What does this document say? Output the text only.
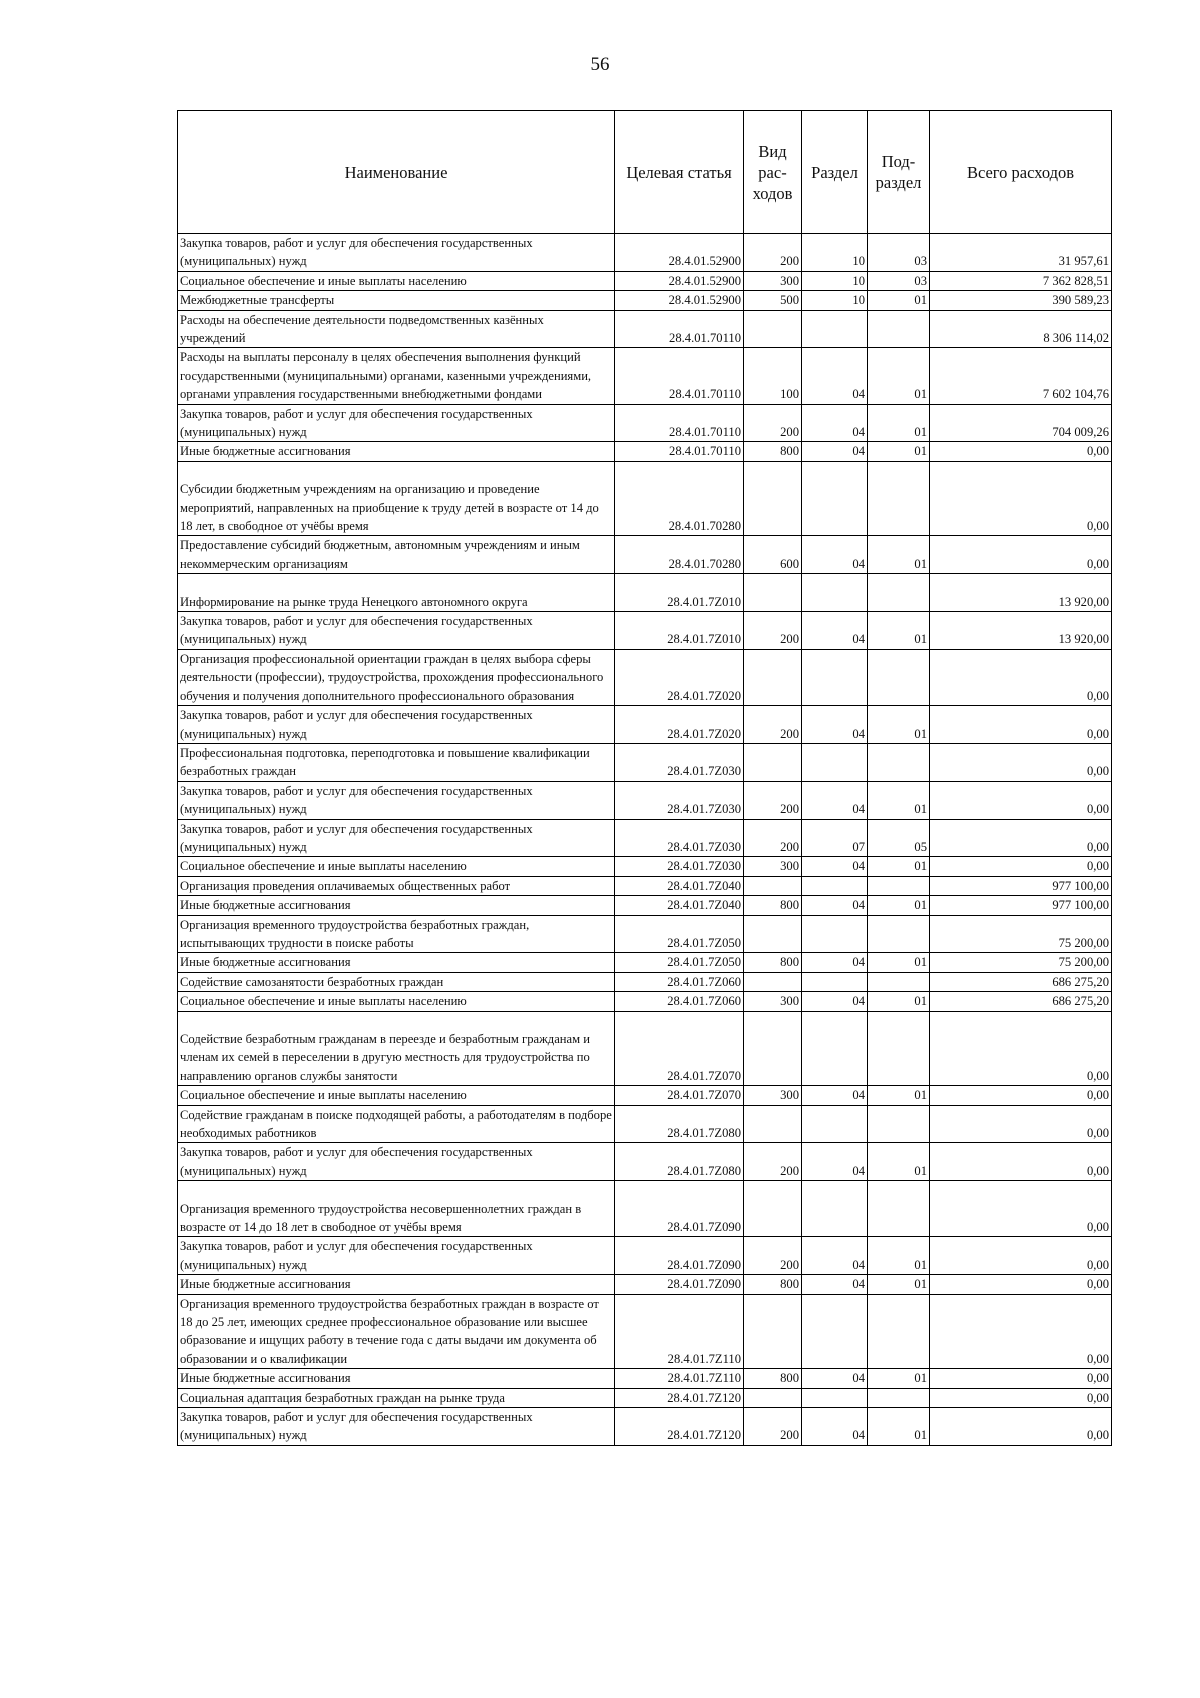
56
Наименование	Целевая статья	Вид рас- ходов	Раздел	Под- раздел	Всего расходов
Закупка товаров, работ и услуг для обеспечения государственных (муниципальных) нужд	28.4.01.52900	200	10	03	31 957,61
Социальное обеспечение и иные выплаты населению	28.4.01.52900	300	10	03	7 362 828,51
Межбюджетные трансферты	28.4.01.52900	500	10	01	390 589,23
Расходы на обеспечение деятельности подведомственных казённых учреждений	28.4.01.70110				8 306 114,02
Расходы на выплаты персоналу в целях обеспечения выполнения функций государственными (муниципальными) органами, казенными учреждениями, органами управления государственными внебюджетными фондами	28.4.01.70110	100	04	01	7 602 104,76
Закупка товаров, работ и услуг для обеспечения государственных (муниципальных) нужд	28.4.01.70110	200	04	01	704 009,26
Иные бюджетные ассигнования	28.4.01.70110	800	04	01	0,00
Субсидии бюджетным учреждениям на организацию и проведение мероприятий, направленных на приобщение к труду детей в возрасте от 14 до 18 лет, в свободное от учёбы время	28.4.01.70280				0,00
Предоставление субсидий бюджетным, автономным учреждениям и иным некоммерческим организациям	28.4.01.70280	600	04	01	0,00
Информирование на рынке труда Ненецкого автономного округа	28.4.01.7Z010				13 920,00
Закупка товаров, работ и услуг для обеспечения государственных (муниципальных) нужд	28.4.01.7Z010	200	04	01	13 920,00
Организация профессиональной ориентации граждан в целях выбора сферы деятельности (профессии), трудоустройства, прохождения профессионального обучения и получения дополнительного профессионального образования	28.4.01.7Z020				0,00
Закупка товаров, работ и услуг для обеспечения государственных (муниципальных) нужд	28.4.01.7Z020	200	04	01	0,00
Профессиональная подготовка, переподготовка и повышение квалификации безработных граждан	28.4.01.7Z030				0,00
Закупка товаров, работ и услуг для обеспечения государственных (муниципальных) нужд	28.4.01.7Z030	200	04	01	0,00
Закупка товаров, работ и услуг для обеспечения государственных (муниципальных) нужд	28.4.01.7Z030	200	07	05	0,00
Социальное обеспечение и иные выплаты населению	28.4.01.7Z030	300	04	01	0,00
Организация проведения оплачиваемых общественных работ	28.4.01.7Z040				977 100,00
Иные бюджетные ассигнования	28.4.01.7Z040	800	04	01	977 100,00
Организация временного трудоустройства безработных граждан, испытывающих трудности в поиске работы	28.4.01.7Z050				75 200,00
Иные бюджетные ассигнования	28.4.01.7Z050	800	04	01	75 200,00
Содействие самозанятости безработных граждан	28.4.01.7Z060				686 275,20
Социальное обеспечение и иные выплаты населению	28.4.01.7Z060	300	04	01	686 275,20
Содействие безработным гражданам в переезде и безработным гражданам и членам их семей в переселении в другую местность для трудоустройства по направлению органов службы занятости	28.4.01.7Z070				0,00
Социальное обеспечение и иные выплаты населению	28.4.01.7Z070	300	04	01	0,00
Содействие гражданам в поиске подходящей работы, а работодателям в подборе необходимых работников	28.4.01.7Z080				0,00
Закупка товаров, работ и услуг для обеспечения государственных (муниципальных) нужд	28.4.01.7Z080	200	04	01	0,00
Организация временного трудоустройства несовершеннолетних граждан в возрасте от 14 до 18 лет в свободное от учёбы время	28.4.01.7Z090				0,00
Закупка товаров, работ и услуг для обеспечения государственных (муниципальных) нужд	28.4.01.7Z090	200	04	01	0,00
Иные бюджетные ассигнования	28.4.01.7Z090	800	04	01	0,00
Организация временного трудоустройства безработных граждан в возрасте от 18 до 25 лет, имеющих среднее профессиональное образование или высшее образование и ищущих работу в течение года с даты выдачи им документа об образовании и о квалификации	28.4.01.7Z110				0,00
Иные бюджетные ассигнования	28.4.01.7Z110	800	04	01	0,00
Социальная адаптация безработных граждан на рынке труда	28.4.01.7Z120				0,00
Закупка товаров, работ и услуг для обеспечения государственных (муниципальных) нужд	28.4.01.7Z120	200	04	01	0,00
